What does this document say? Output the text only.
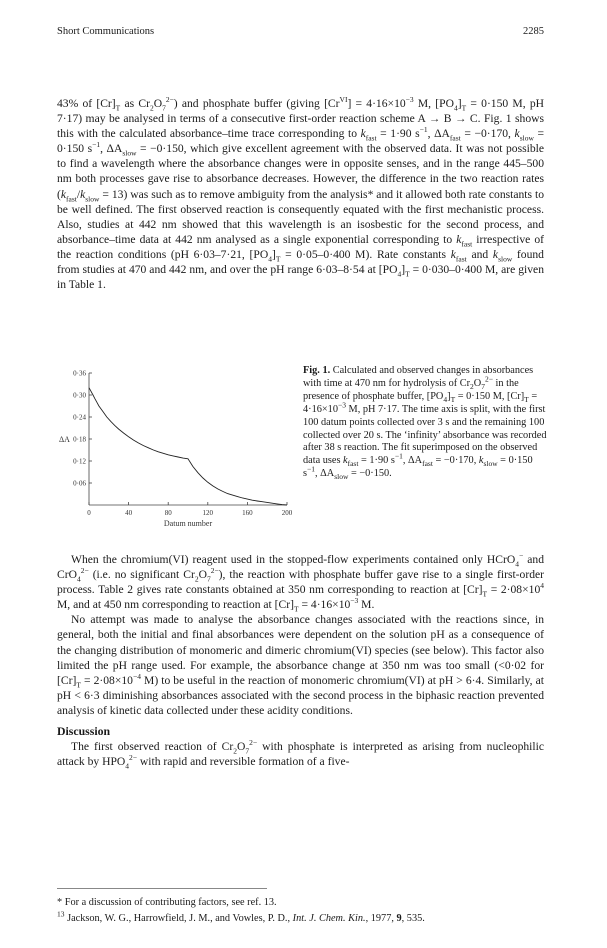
Short Communications	2285

43% of $[Cr]_T$ as $Cr_2O_7^{2-}$) and phosphate buffer (giving $[Cr^{VI}] = 4\cdot 16\times 10^{-3}$ M, $[PO_4]_T = 0\cdot 150$ M, pH 7·17) may be analysed in terms of a consecutive first-order reaction scheme A → B → C. Fig. 1 shows this with the calculated absorbance–time trace corresponding to $k_{fast} = 1\cdot 90$ $s^{-1}$, $\Delta A_{fast} = -0\cdot 170$, $k_{slow} = 0\cdot 150$ $s^{-1}$, $\Delta A_{slow} = -0\cdot 150$, which give excellent agreement with the observed data. It was not possible to find a wavelength where the absorbance changes were in opposite senses, and in the range 445–500 nm both processes gave rise to absorbance decreases. However, the difference in the two reaction rates $(k_{fast}/k_{slow} = 13)$ was such as to remove ambiguity from the analysis* and it allowed both rate constants to be well defined. The first observed reaction is consequently equated with the first mechanistic process. Also, studies at 442 nm showed that this wavelength is an isosbestic for the second process, and absorbance–time data at 442 nm analysed as a single exponential corresponding to $k_{fast}$ irrespective of the reaction conditions (pH 6·03–7·21, $[PO_4]_T = 0\cdot 05-0\cdot 400$ M). Rate constants $k_{fast}$ and $k_{slow}$ found from studies at 470 and 442 nm, and over the pH range 6·03–8·54 at $[PO_4]_T = 0\cdot 030-0\cdot 400$ M, are given in Table 1.

0·06
0·12
0·18
0·24
0·30
0·36
0	40	80	120	160	200
Datum number
ΔA
Fig. 1. Calculated and observed changes in absorbances with time at 470 nm for hydrolysis of $Cr_2O_7^{2-}$ in the presence of phosphate buffer, $[PO_4]_T = 0\cdot 150$ M, $[Cr]_T = 4\cdot 16\times 10^{-3}$ M, pH 7·17. The time axis is split, with the first 100 datum points collected over 3 s and the remaining 100 collected over 20 s. The ‘infinity’ absorbance was recorded after 38 s reaction. The fit superimposed on the observed data uses $k_{fast} = 1\cdot 90$ $s^{-1}$, $\Delta A_{fast} = -0\cdot 170$, $k_{slow} = 0\cdot 150$ $s^{-1}$, $\Delta A_{slow} = -0\cdot 150$.

When the chromium(VI) reagent used in the stopped-flow experiments contained only HCrO$_4$− and CrO$_4^{2-}$ (i.e. no significant $Cr_2O_7^{2-}$), the reaction with phosphate buffer gave rise to a single first-order process. Table 2 gives rate constants obtained at 350 nm corresponding to reaction at $[Cr]_T = 2\cdot 08\times 10^4$ M, and at 450 nm corresponding to reaction at $[Cr]_T = 4\cdot 16\times 10^{-3}$ M.

No attempt was made to analyse the absorbance changes associated with the reactions since, in general, both the initial and final absorbances were dependent on the solution pH as a consequence of the changing distribution of monomeric and dimeric chromium(VI) species (see below). This factor also limited the pH range used. For example, the absorbance change at 350 nm was too small (<0·02 for $[Cr]_T = 2\cdot 08\times 10^{-4}$ M) to be useful in the reaction of monomeric chromium(VI) at pH > 6·4. Similarly, at pH < 6·3 diminishing absorbances associated with the second process in the biphasic reaction prevented analysis of kinetic data collected under these acidity conditions.

Discussion

The first observed reaction of $Cr_2O_7^{2-}$ with phosphate is interpreted as arising from nucleophilic attack by $HPO_4^{2-}$ with rapid and reversible formation of a five-

* For a discussion of contributing factors, see ref. 13.

$^{13}$ Jackson, W. G., Harrowfield, J. M., and Vowles, P. D., Int. J. Chem. Kin., 1977, 9, 535.
